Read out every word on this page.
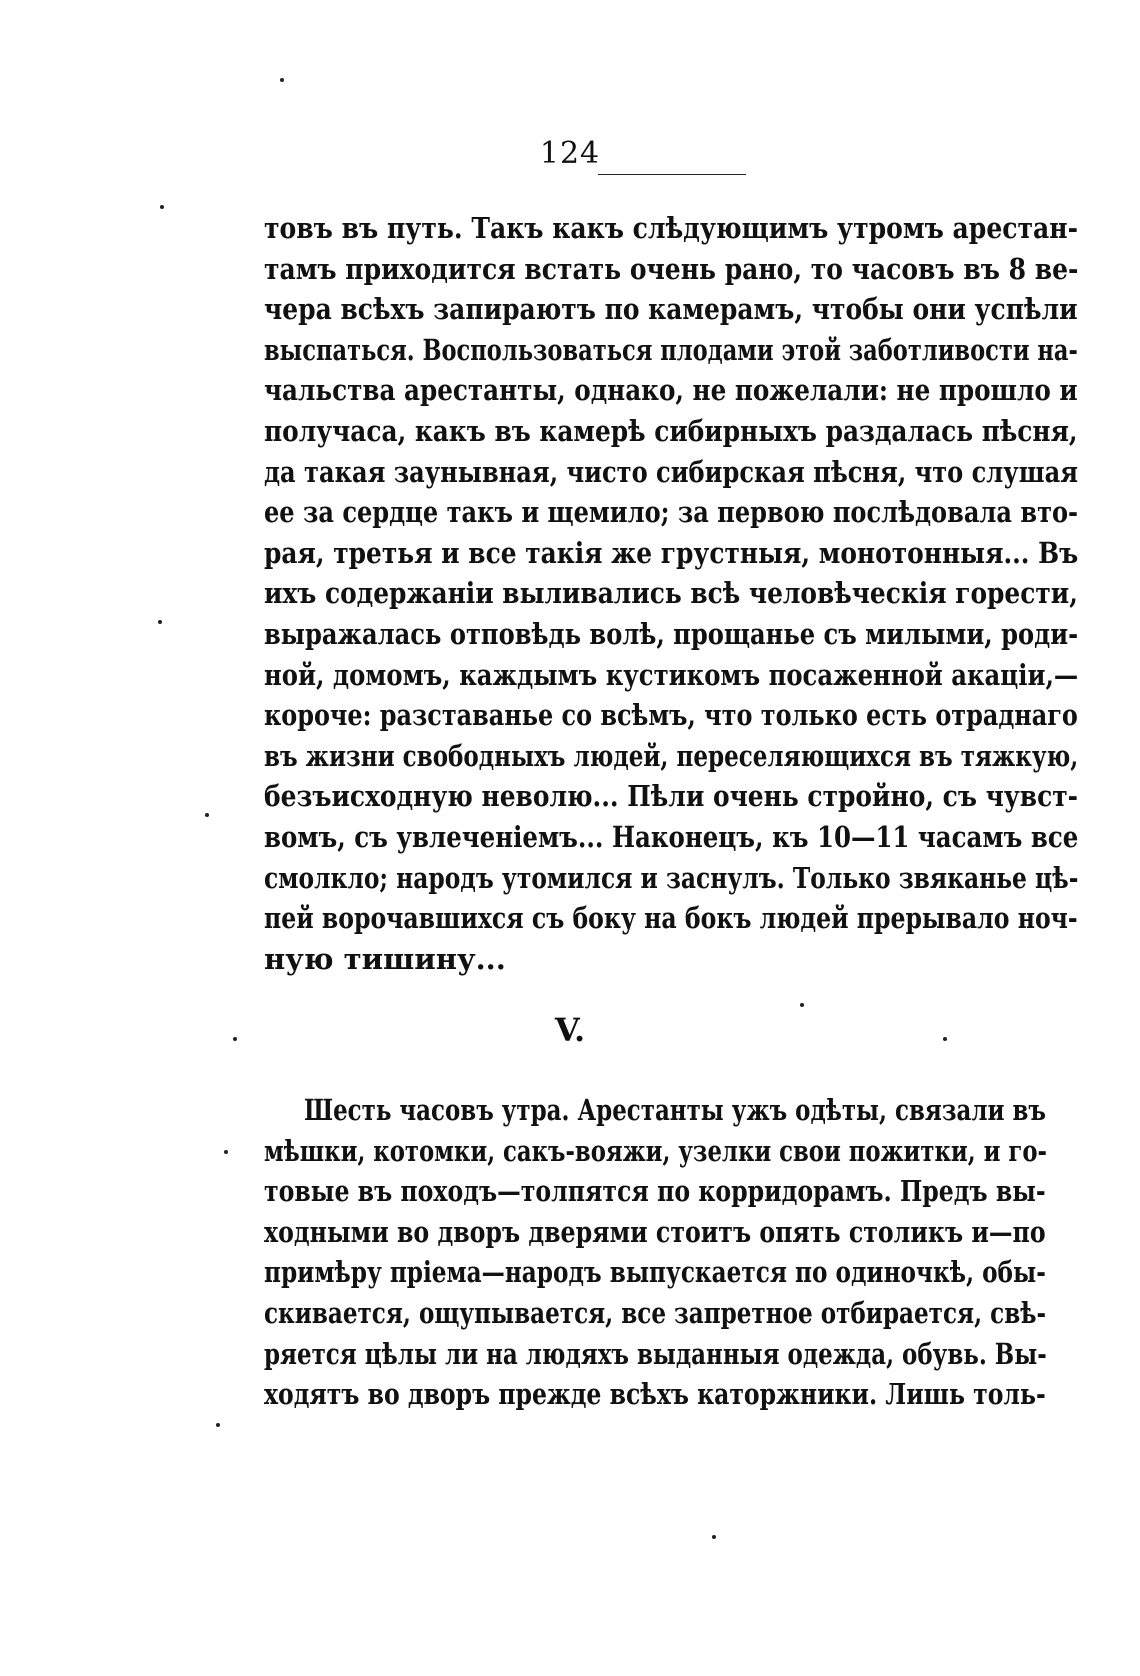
124
товъ въ путь. Такъ какъ слѣдующимъ утромъ арестан-
тамъ приходится встать очень рано, то часовъ въ 8 ве-
чера всѣхъ запираютъ по камерамъ, чтобы они успѣли
выспаться. Воспользоваться плодами этой заботливости на-
чальства арестанты, однако, не пожелали: не прошло и
получаса, какъ въ камерѣ сибирныхъ раздалась пѣсня,
да такая заунывная, чисто сибирская пѣсня, что слушая
ее за сердце такъ и щемило; за первою послѣдовала вто-
рая, третья и все такія же грустныя, монотонныя... Въ
ихъ содержаніи выливались всѣ человѣческія горести,
выражалась отповѣдь волѣ, прощанье съ милыми, роди-
ной, домомъ, каждымъ кустикомъ посаженной акаціи,—
короче: разставанье со всѣмъ, что только есть отраднаго
въ жизни свободныхъ людей, переселяющихся въ тяжкую,
безъисходную неволю... Пѣли очень стройно, съ чувст-
вомъ, съ увлеченіемъ... Наконецъ, къ 10—11 часамъ все
смолкло; народъ утомился и заснулъ. Только звяканье цѣ-
пей ворочавшихся съ боку на бокъ людей прерывало ноч-
ную тишину...
V.
Шесть часовъ утра. Арестанты ужъ одѣты, связали въ
мѣшки, котомки, сакъ-вояжи, узелки свои пожитки, и го-
товые въ походъ—толпятся по корридорамъ. Предъ вы-
ходными во дворъ дверями стоитъ опять столикъ и—по
примѣру пріема—народъ выпускается по одиночкѣ, обы-
скивается, ощупывается, все запретное отбирается, свѣ-
ряется цѣлы ли на людяхъ выданныя одежда, обувь. Вы-
ходятъ во дворъ прежде всѣхъ каторжники. Лишь толь-
